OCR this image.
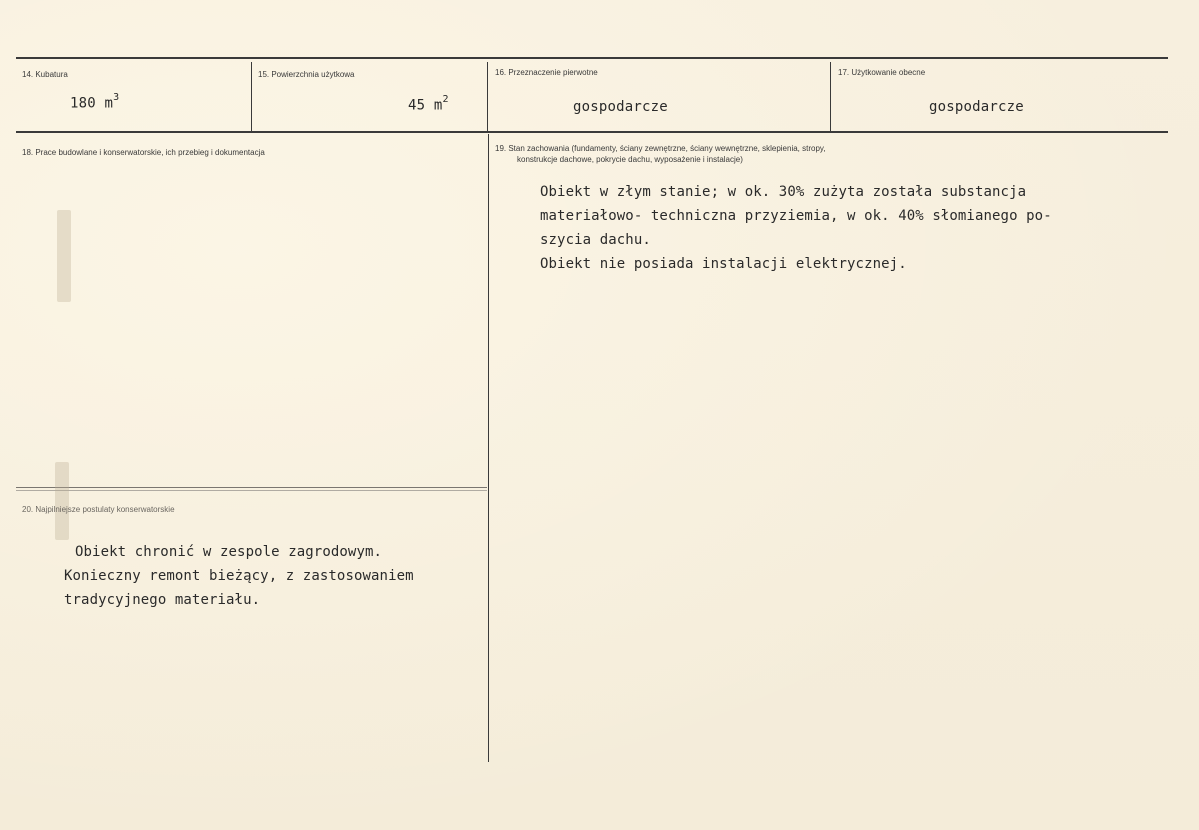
14. Kubatura
180 $m^3$
15. Powierzchnia użytkowa
45 $m^2$
16. Przeznaczenie pierwotne
gospodarcze
17. Użytkowanie obecne
gospodarcze
18. Prace budowlane i konserwatorskie, ich przebieg i dokumentacja	19. Stan zachowania (fundamenty, ściany zewnętrzne, ściany wewnętrzne, sklepienia, stropy,
konstrukcje dachowe, pokrycie dachu, wyposażenie i instalacje)
Obiekt w złym stanie; w ok. 30% zużyta została substancja
materiałowo- techniczna przyziemia, w ok. 40% słomianego po-
szycia dachu.
Obiekt nie posiada instalacji elektrycznej.
20. Najpilniejsze postulaty konserwatorskie
Obiekt chronić w zespole zagrodowym.
Konieczny remont bieżący, z zastosowaniem
tradycyjnego materiału.
